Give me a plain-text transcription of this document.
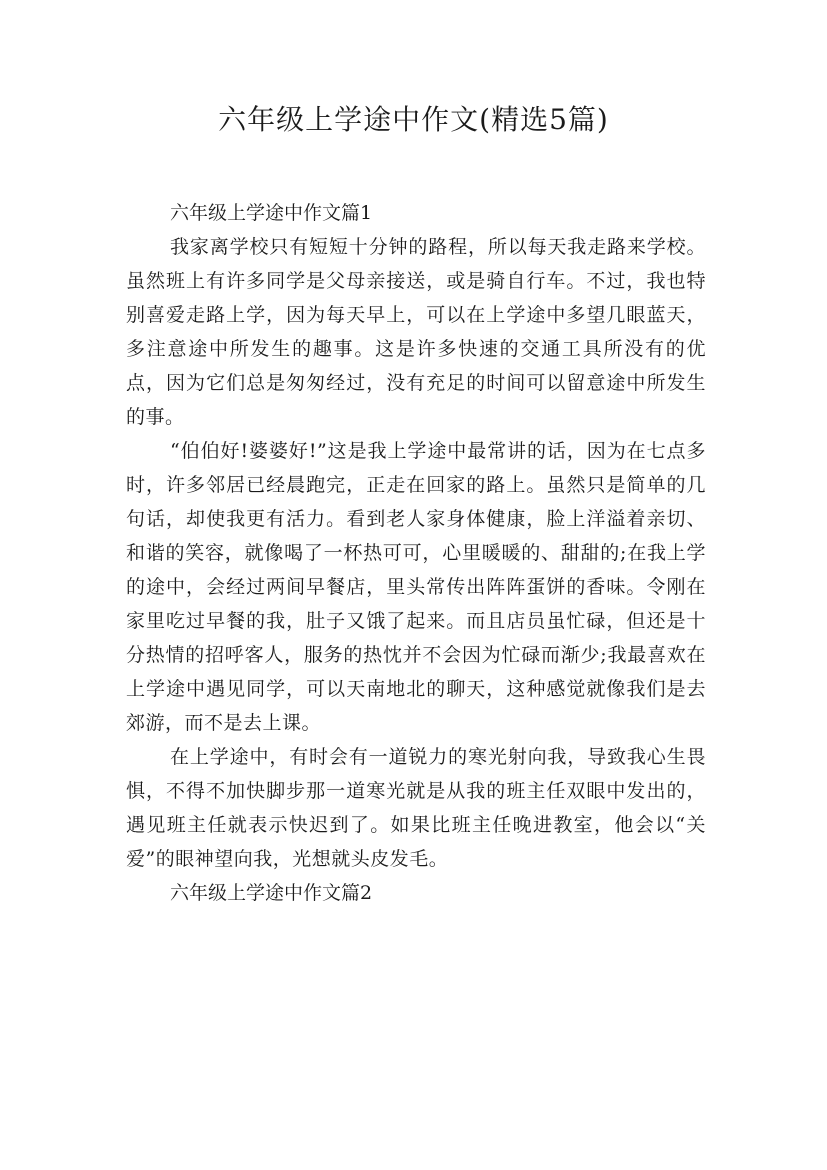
六年级上学途中作文(精选5篇)
六年级上学途中作文篇1

我家离学校只有短短十分钟的路程，所以每天我走路来学校。虽然班上有许多同学是父母亲接送，或是骑自行车。不过，我也特别喜爱走路上学，因为每天早上，可以在上学途中多望几眼蓝天，多注意途中所发生的趣事。这是许多快速的交通工具所没有的优点，因为它们总是匆匆经过，没有充足的时间可以留意途中所发生的事。

“伯伯好!婆婆好!”这是我上学途中最常讲的话，因为在七点多时，许多邻居已经晨跑完，正走在回家的路上。虽然只是简单的几句话，却使我更有活力。看到老人家身体健康，脸上洋溢着亲切、和谐的笑容，就像喝了一杯热可可，心里暖暖的、甜甜的;在我上学的途中，会经过两间早餐店，里头常传出阵阵蛋饼的香味。令刚在家里吃过早餐的我，肚子又饿了起来。而且店员虽忙碌，但还是十分热情的招呼客人，服务的热忱并不会因为忙碌而渐少;我最喜欢在上学途中遇见同学，可以天南地北的聊天，这种感觉就像我们是去郊游，而不是去上课。

在上学途中，有时会有一道锐力的寒光射向我，导致我心生畏惧，不得不加快脚步那一道寒光就是从我的班主任双眼中发出的，遇见班主任就表示快迟到了。如果比班主任晚进教室，他会以“关爱”的眼神望向我，光想就头皮发毛。

六年级上学途中作文篇2
